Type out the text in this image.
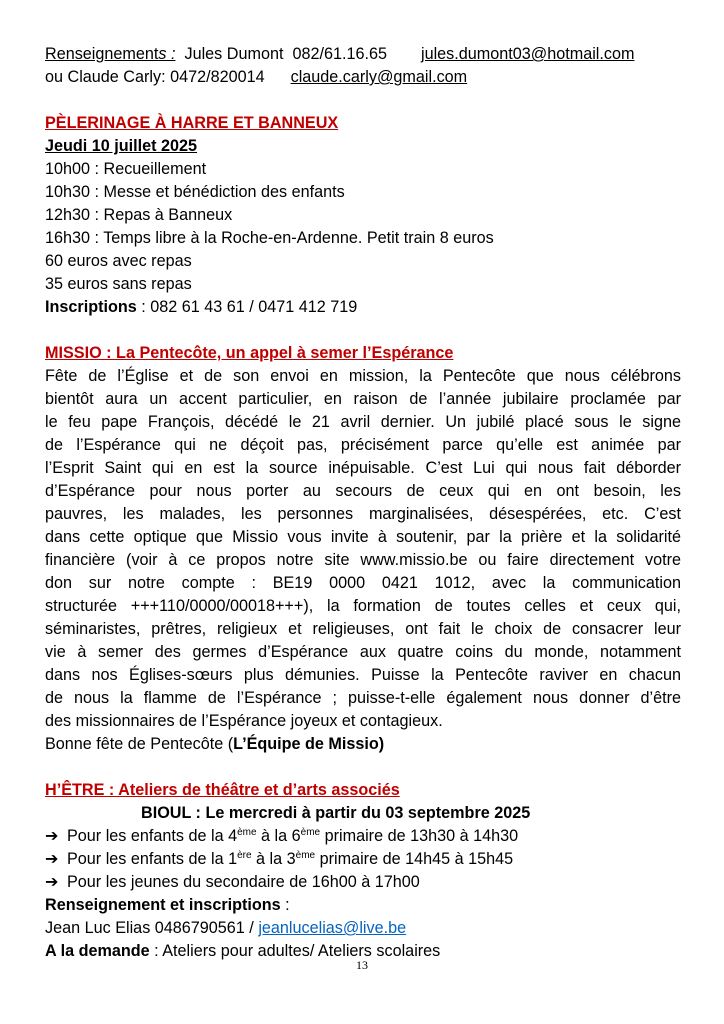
Renseignements : Jules Dumont 082/61.16.65 jules.dumont03@hotmail.com
ou Claude Carly: 0472/820014 claude.carly@gmail.com
PÈLERINAGE À HARRE ET BANNEUX
Jeudi 10 juillet 2025
10h00 : Recueillement
10h30 : Messe et bénédiction des enfants
12h30 : Repas à Banneux
16h30 : Temps libre à la Roche-en-Ardenne. Petit train 8 euros
60 euros avec repas
35 euros sans repas
Inscriptions : 082 61 43 61 / 0471 412 719
MISSIO : La Pentecôte, un appel à semer l’Espérance
Fête de l’Église et de son envoi en mission, la Pentecôte que nous célébrons
bientôt aura un accent particulier, en raison de l’année jubilaire proclamée par
le feu pape François, décédé le 21 avril dernier. Un jubilé placé sous le signe
de l’Espérance qui ne déçoit pas, précisément parce qu’elle est animée par
l’Esprit Saint qui en est la source inépuisable. C’est Lui qui nous fait déborder
d’Espérance pour nous porter au secours de ceux qui en ont besoin, les
pauvres, les malades, les personnes marginalisées, désespérées, etc. C’est
dans cette optique que Missio vous invite à soutenir, par la prière et la solidarité
financière (voir à ce propos notre site www.missio.be ou faire directement votre
don sur notre compte : BE19 0000 0421 1012, avec la communication
structurée +++110/0000/00018+++), la formation de toutes celles et ceux qui,
séminaristes, prêtres, religieux et religieuses, ont fait le choix de consacrer leur
vie à semer des germes d’Espérance aux quatre coins du monde, notamment
dans nos Églises-sœurs plus démunies. Puisse la Pentecôte raviver en chacun
de nous la flamme de l’Espérance ; puisse-t-elle également nous donner d’être
des missionnaires de l’Espérance joyeux et contagieux.
Bonne fête de Pentecôte (L’Équipe de Missio)
H’ÊTRE : Ateliers de théâtre et d’arts associés
BIOUL : Le mercredi à partir du 03 septembre 2025
➔ Pour les enfants de la 4ème à la 6ème primaire de 13h30 à 14h30
➔ Pour les enfants de la 1ère à la 3ème primaire de 14h45 à 15h45
➔ Pour les jeunes du secondaire de 16h00 à 17h00
Renseignement et inscriptions :
Jean Luc Elias 0486790561 / jeanlucelias@live.be
A la demande : Ateliers pour adultes/ Ateliers scolaires
13
